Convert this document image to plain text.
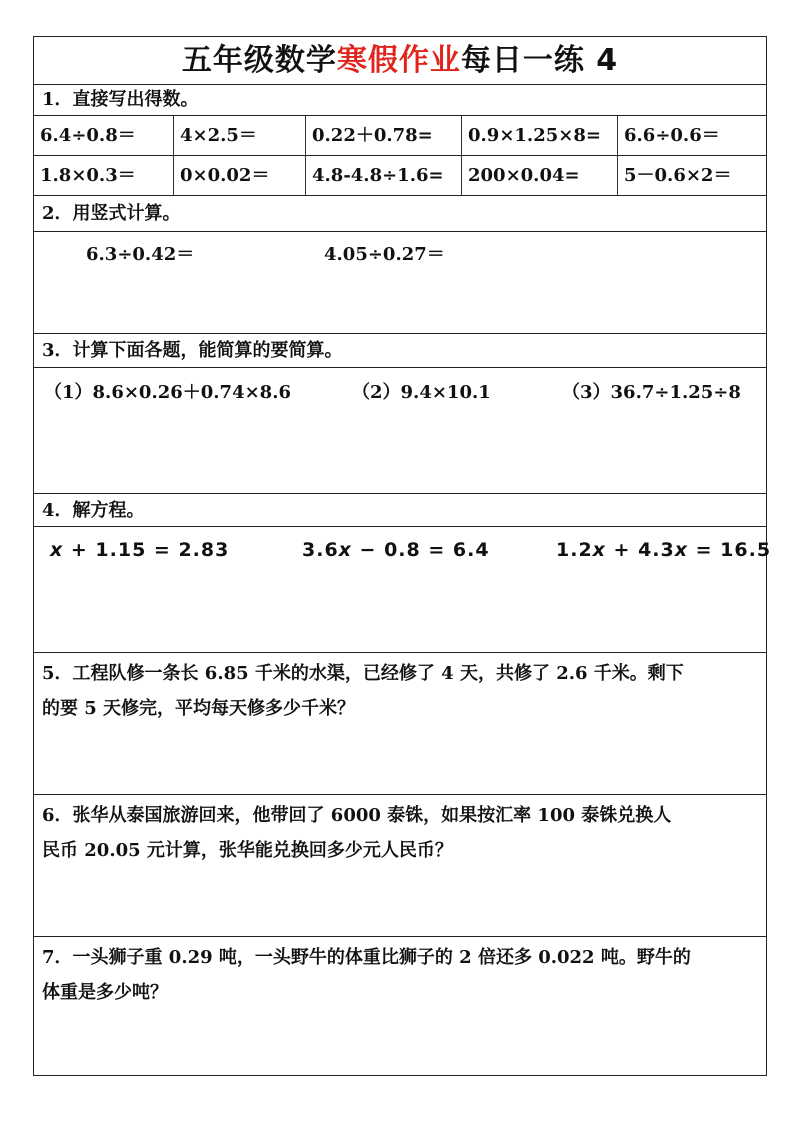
五年级数学寒假作业每日一练 4
1．直接写出得数。
6.4÷0.8＝	4×2.5＝	0.22＋0.78=	0.9×1.25×8=	6.6÷0.6＝
1.8×0.3＝	0×0.02＝	4.8-4.8÷1.6=	200×0.04=	5－0.6×2＝
2．用竖式计算。
6.3÷0.42＝	4.05÷0.27＝
3．计算下面各题，能简算的要简算。
（1）8.6×0.26＋0.74×8.6	（2）9.4×10.1	（3）36.7÷1.25÷8
4．解方程。
x + 1.15 = 2.83	3.6x − 0.8 = 6.4	1.2x + 4.3x = 16.5
5．工程队修一条长 6.85 千米的水渠，已经修了 4 天，共修了 2.6 千米。剩下
的要 5 天修完，平均每天修多少千米？
6．张华从泰国旅游回来，他带回了 6000 泰铢，如果按汇率 100 泰铢兑换人
民币 20.05 元计算，张华能兑换回多少元人民币？
7．一头狮子重 0.29 吨，一头野牛的体重比狮子的 2 倍还多 0.022 吨。野牛的
体重是多少吨？
